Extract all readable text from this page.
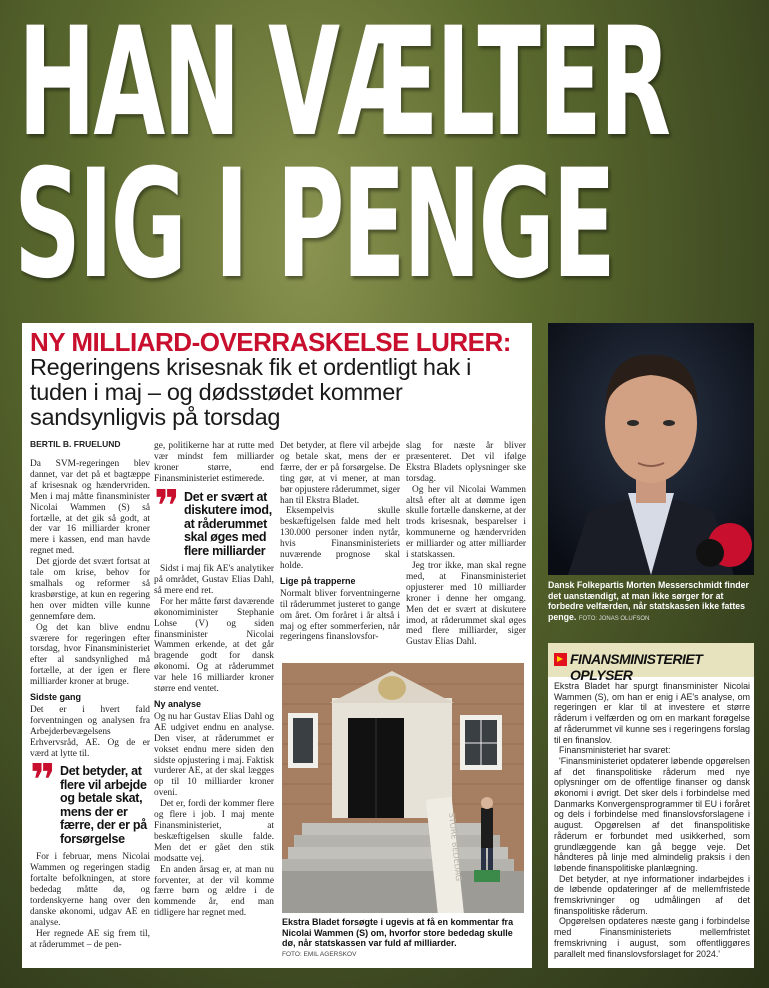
HAN VÆLTER
SIG I PENGE
NY MILLIARD-OVERRASKELSE LURER:
Regeringens krisesnak fik et ordentligt hak i tuden i maj – og dødsstødet kommer sandsynligvis på torsdag
BERTIL B. FRUELUND

Da SVM-regeringen blev dannet, var det på et bagtæppe af krisesnak og hændervriden. Men i maj måtte finansminister Nicolai Wammen (S) så fortælle, at det gik så godt, at der var 16 milliarder kroner mere i kassen, end man havde regnet med.

Det gjorde det svært fortsat at tale om krise, behov for smalhals og reformer så krasbørstige, at kun en regering hen over midten ville kunne gennemføre dem.

Og det kan blive endnu sværere for regeringen efter torsdag, hvor Finansministeriet efter al sandsynlighed må fortælle, at der igen er flere milliarder kroner at bruge.

Sidste gang

Det er i hvert fald forventningen og analysen fra Arbejderbevægelsens Erhvervsråd, AE. Og de er værd at lytte til.

❞ Det betyder, at flere vil arbejde og betale skat, mens der er færre, der er på forsørgelse

For i februar, mens Nicolai Wammen og regeringen stadig fortalte befolkningen, at store bededag måtte dø, og tordenskyerne hang over den danske økonomi, udgav AE en analyse.

Her regnede AE sig frem til, at råderummet – de pen-

ge, politikerne har at rutte med vær mindst fem milliarder kroner større, end Finansministeriet estimerede.

❞ Det er svært at diskutere imod, at råderummet skal øges med flere milliarder

Sidst i maj fik AE's analytiker på området, Gustav Elias Dahl, så mere end ret.

For her måtte først daværende økonomiminister Stephanie Lohse (V) og siden finansminister Nicolai Wammen erkende, at det går bragende godt for dansk økonomi. Og at råderummet var hele 16 milliarder kroner større end ventet.

Ny analyse

Og nu har Gustav Elias Dahl og AE udgivet endnu en analyse. Den viser, at råderummet er vokset endnu mere siden den sidste opjustering i maj. Faktisk vurderer AE, at der skal lægges op til 10 milliarder kroner oveni.

Det er, fordi der kommer flere og flere i job. I maj mente Finansministeriet, at beskæftigelsen skulle falde. Men det er gået den stik modsatte vej.

En anden årsag er, at man nu forventer, at der vil komme færre børn og ældre i de kommende år, end man tidligere har regnet med.

Det betyder, at flere vil arbejde og betale skat, mens der er færre, der er på forsørgelse. De ting gør, at vi mener, at man bør opjustere råderummet, siger han til Ekstra Bladet.

Eksempelvis skulle beskæftigelsen falde med helt 130.000 personer inden nytår, hvis Finansministeriets nuværende prognose skal holde.

Lige på trapperne

Normalt bliver forventningerne til råderummet justeret to gange om året. Om foråret i år altså i maj og efter sommerferien, når regeringens finanslovsfor-

slag for næste år bliver præsenteret. Det vil ifølge Ekstra Bladets oplysninger ske torsdag.

Og her vil Nicolai Wammen altså efter alt at dømme igen skulle fortælle danskerne, at der trods krisesnak, besparelser i kommunerne og hændervriden er milliarder og atter milliarder i statskassen.

Jeg tror ikke, man skal regne med, at Finansministeriet opjusterer med 10 milliarder kroner i denne her omgang. Men det er svært at diskutere imod, at råderummet skal øges med flere milliarder, siger Gustav Elias Dahl.

STORE BEDEDAG
Ekstra Bladet forsøgte i ugevis at få en kommentar fra Nicolai Wammen (S) om, hvorfor store bededag skulle dø, når statskassen var fuld af milliarder.
FOTO: EMIL AGERSKOV
Dansk Folkepartis Morten Messerschmidt finder det uanstændigt, at man ikke sørger for at forbedre velfærden, når statskassen ikke fattes penge. FOTO: JONAS OLUFSON
FINANSMINISTERIET OPLYSER

Ekstra Bladet har spurgt finansminister Nicolai Wammen (S), om han er enig i AE's analyse, om regeringen er klar til at investere et større råderum i velfærden og om en markant forøgelse af råderummet vil kunne ses i regeringens forslag til en finanslov.

Finansministeriet har svaret:

'Finansministeriet opdaterer løbende opgørelsen af det finanspolitiske råderum med nye oplysninger om de offentlige finanser og dansk økonomi i øvrigt. Det sker dels i forbindelse med Danmarks Konvergensprogrammer til EU i foråret og dels i forbindelse med finanslovsforslagene i august. Opgørelsen af det finanspolitiske råderum er forbundet med usikkerhed, som grundlæggende kan gå begge veje. Det håndteres på linje med almindelig praksis i den løbende finanspolitiske planlægning.

Det betyder, at nye informationer indarbejdes i de løbende opdateringer af de mellemfristede fremskrivninger og udmålingen af det finanspolitiske råderum.

Opgørelsen opdateres næste gang i forbindelse med Finansministeriets mellemfristet fremskrivning i august, som offentliggøres parallelt med finanslovsforslaget for 2024.'
